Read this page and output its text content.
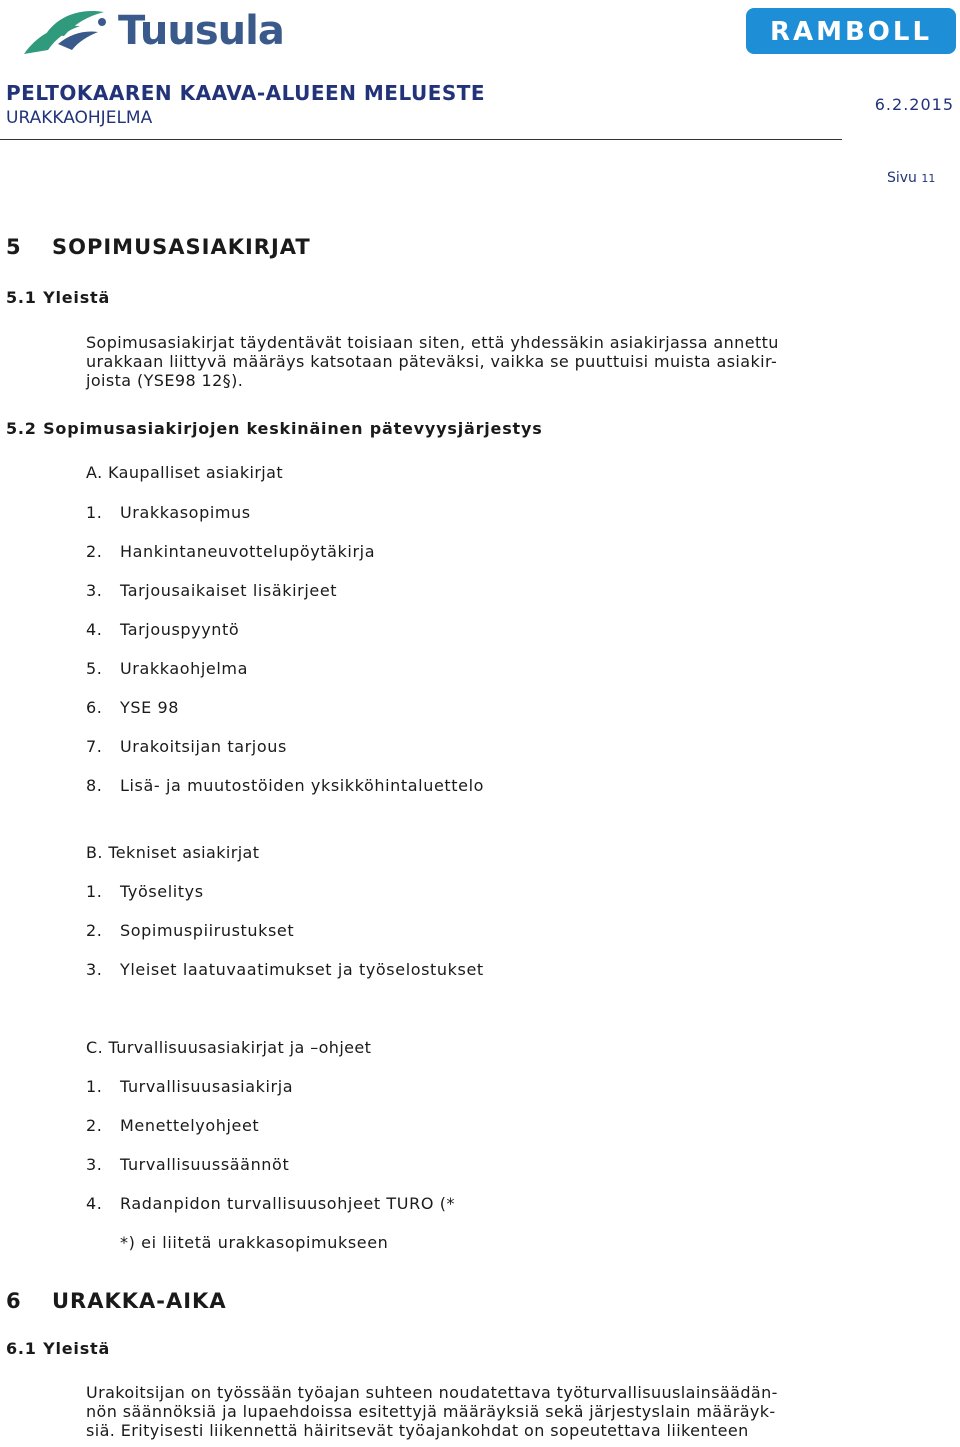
Tuusula	RAMBOLL
PELTOKAAREN KAAVA-ALUEEN MELUESTE
URAKKAOHJELMA
6.2.2015
Sivu 11
5 SOPIMUSASIAKIRJAT
5.1 Yleistä
Sopimusasiakirjat täydentävät toisiaan siten, että yhdessäkin asiakirjassa annettu
urakkaan liittyvä määräys katsotaan päteväksi, vaikka se puuttuisi muista asiakir-
joista (YSE98 12§).
5.2 Sopimusasiakirjojen keskinäinen pätevyysjärjestys
A. Kaupalliset asiakirjat
1. Urakkasopimus
2. Hankintaneuvottelupöytäkirja
3. Tarjousaikaiset lisäkirjeet
4. Tarjouspyyntö
5. Urakkaohjelma
6. YSE 98
7. Urakoitsijan tarjous
8. Lisä- ja muutostöiden yksikköhintaluettelo
B. Tekniset asiakirjat
1. Työselitys
2. Sopimuspiirustukset
3. Yleiset laatuvaatimukset ja työselostukset
C. Turvallisuusasiakirjat ja –ohjeet
1. Turvallisuusasiakirja
2. Menettelyohjeet
3. Turvallisuussäännöt
4. Radanpidon turvallisuusohjeet TURO (*
*) ei liitetä urakkasopimukseen
6 URAKKA-AIKA
6.1 Yleistä
Urakoitsijan on työssään työajan suhteen noudatettava työturvallisuuslainsäädän-
nön säännöksiä ja lupaehdoissa esitettyjä määräyksiä sekä järjestyslain määräyk-
siä. Erityisesti liikennettä häiritsevät työajankohdat on sopeutettava liikenteen
